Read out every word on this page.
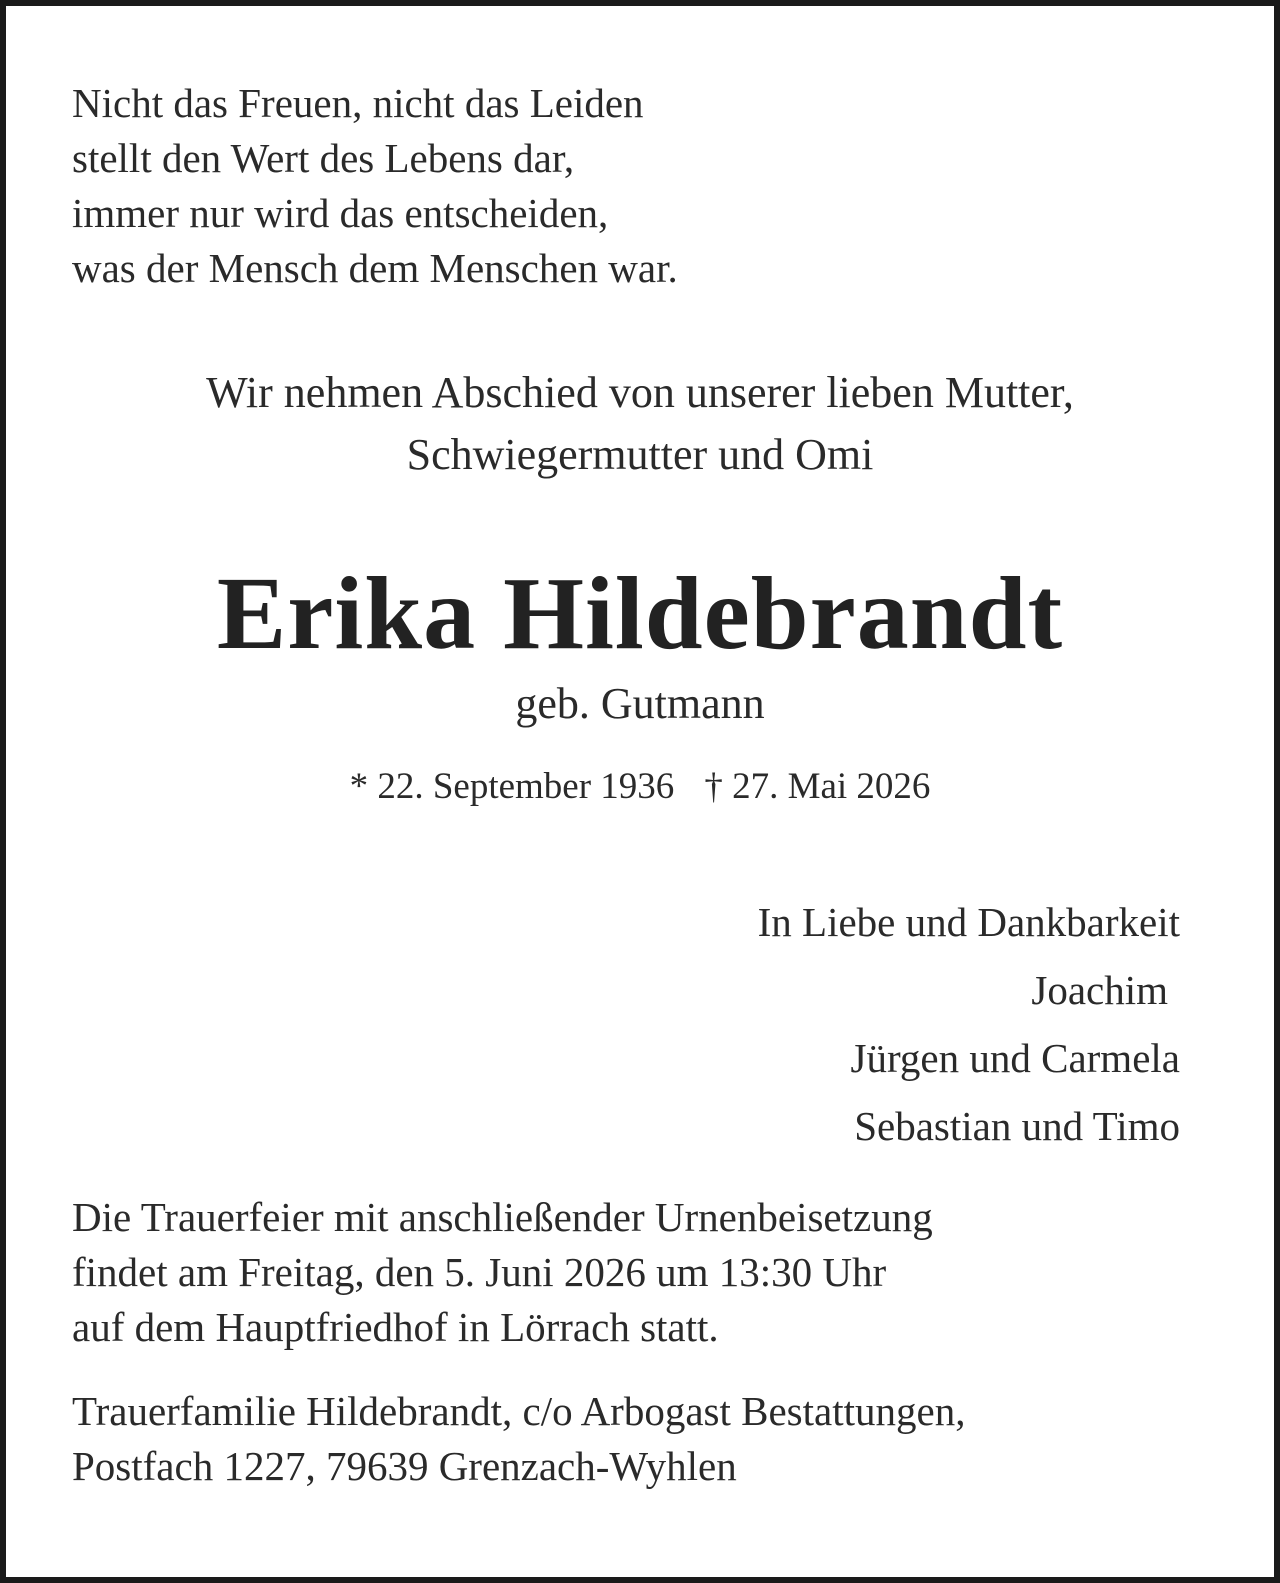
Nicht das Freuen, nicht das Leiden
stellt den Wert des Lebens dar,
immer nur wird das entscheiden,
was der Mensch dem Menschen war.
Wir nehmen Abschied von unserer lieben Mutter,
Schwiegermutter und Omi
Erika Hildebrandt
geb. Gutmann
* 22. September 1936 † 27. Mai 2026
In Liebe und Dankbarkeit
Joachim
Jürgen und Carmela
Sebastian und Timo
Die Trauerfeier mit anschließender Urnenbeisetzung
findet am Freitag, den 5. Juni 2026 um 13:30 Uhr
auf dem Hauptfriedhof in Lörrach statt.
Trauerfamilie Hildebrandt, c/o Arbogast Bestattungen,
Postfach 1227, 79639 Grenzach-Wyhlen
